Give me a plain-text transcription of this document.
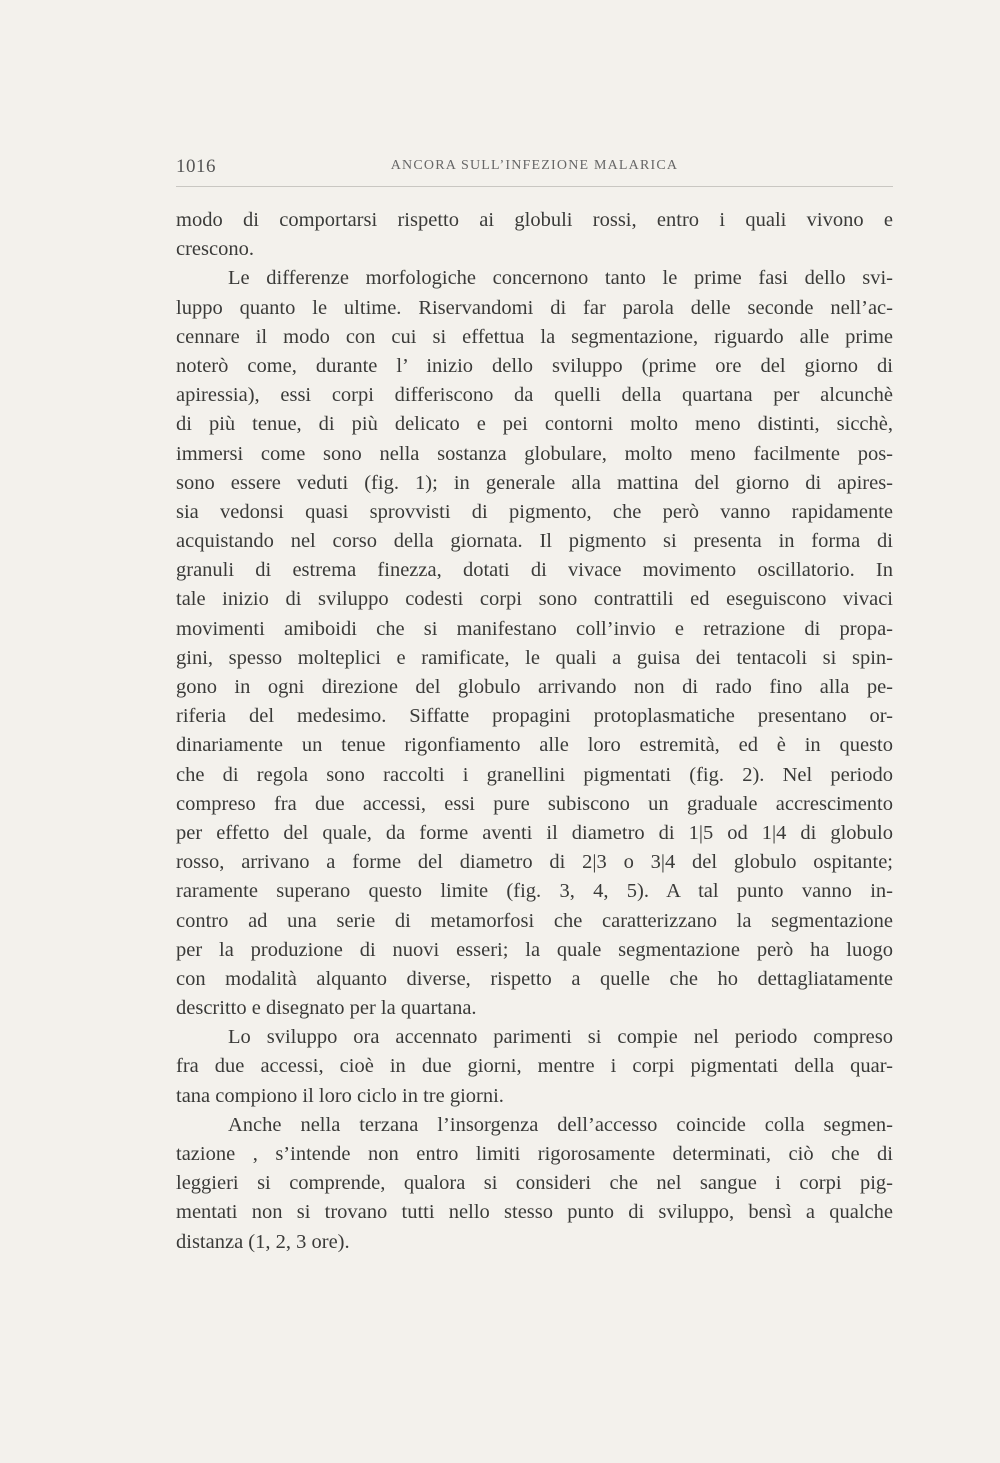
1016	ANCORA SULL’INFEZIONE MALARICA
modo di comportarsi rispetto ai globuli rossi, entro i quali vivono e
crescono.
Le differenze morfologiche concernono tanto le prime fasi dello svi-
luppo quanto le ultime. Riservandomi di far parola delle seconde nell’ac-
cennare il modo con cui si effettua la segmentazione, riguardo alle prime
noterò come, durante l’ inizio dello sviluppo (prime ore del giorno di
apiressia), essi corpi differiscono da quelli della quartana per alcunchè
di più tenue, di più delicato e pei contorni molto meno distinti, sicchè,
immersi come sono nella sostanza globulare, molto meno facilmente pos-
sono essere veduti (fig. 1); in generale alla mattina del giorno di apires-
sia vedonsi quasi sprovvisti di pigmento, che però vanno rapidamente
acquistando nel corso della giornata. Il pigmento si presenta in forma di
granuli di estrema finezza, dotati di vivace movimento oscillatorio. In
tale inizio di sviluppo codesti corpi sono contrattili ed eseguiscono vivaci
movimenti amiboidi che si manifestano coll’invio e retrazione di propa-
gini, spesso molteplici e ramificate, le quali a guisa dei tentacoli si spin-
gono in ogni direzione del globulo arrivando non di rado fino alla pe-
riferia del medesimo. Siffatte propagini protoplasmatiche presentano or-
dinariamente un tenue rigonfiamento alle loro estremità, ed è in questo
che di regola sono raccolti i granellini pigmentati (fig. 2). Nel periodo
compreso fra due accessi, essi pure subiscono un graduale accrescimento
per effetto del quale, da forme aventi il diametro di 1|5 od 1|4 di globulo
rosso, arrivano a forme del diametro di 2|3 o 3|4 del globulo ospitante;
raramente superano questo limite (fig. 3, 4, 5). A tal punto vanno in-
contro ad una serie di metamorfosi che caratterizzano la segmentazione
per la produzione di nuovi esseri; la quale segmentazione però ha luogo
con modalità alquanto diverse, rispetto a quelle che ho dettagliatamente
descritto e disegnato per la quartana.
Lo sviluppo ora accennato parimenti si compie nel periodo compreso
fra due accessi, cioè in due giorni, mentre i corpi pigmentati della quar-
tana compiono il loro ciclo in tre giorni.
Anche nella terzana l’insorgenza dell’accesso coincide colla segmen-
tazione , s’intende non entro limiti rigorosamente determinati, ciò che di
leggieri si comprende, qualora si consideri che nel sangue i corpi pig-
mentati non si trovano tutti nello stesso punto di sviluppo, bensì a qualche
distanza (1, 2, 3 ore).
